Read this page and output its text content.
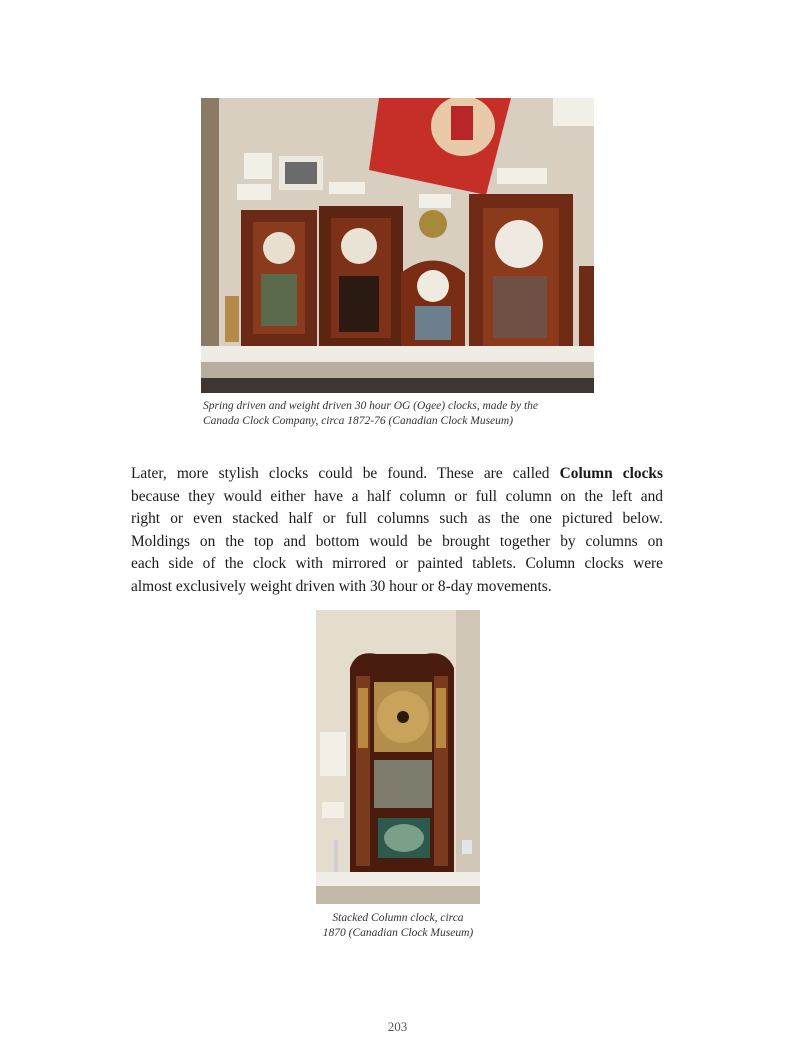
Spring driven and weight driven 30 hour OG (Ogee) clocks, made by the
Canada Clock Company, circa 1872-76 (Canadian Clock Museum)
Later, more stylish clocks could be found. These are called Column clocks
because they would either have a half column or full column on the left and
right or even stacked half or full columns such as the one pictured below.
Moldings on the top and bottom would be brought together by columns on
each side of the clock with mirrored or painted tablets. Column clocks were
almost exclusively weight driven with 30 hour or 8-day movements.
Stacked Column clock, circa
1870 (Canadian Clock Museum)
203
